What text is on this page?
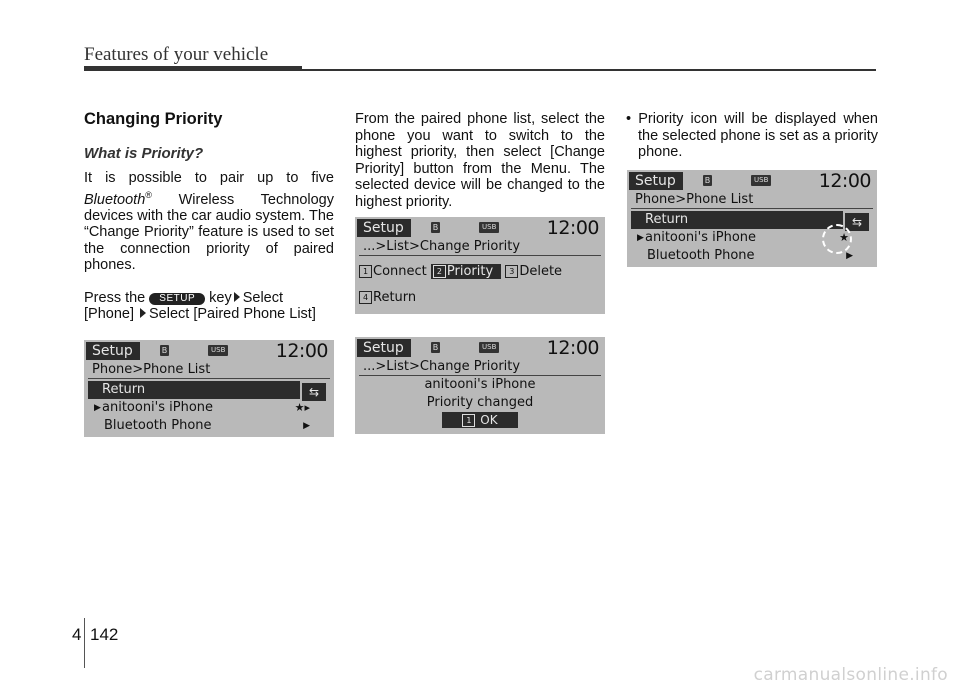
Features of your vehicle
Changing Priority
What is Priority?

It is possible to pair up to five Bluetooth® Wireless Technology devices with the car audio system. The “Change Priority” feature is used to set the connection priority of paired phones.

Press the SETUP key Select [Phone] Select [Paired Phone List]

From the paired phone list, select the phone you want to switch to the highest priority, then select [Change Priority] button from the Menu. The selected device will be changed to the highest priority.

• Priority icon will be displayed when the selected phone is set as a priority phone.

Setup	B	USB	12:00
Phone>Phone List
Return	⇆
▶ anitooni's iPhone	★▸
Bluetooth Phone	▶
Setup	B	USB	12:00
...>List>Change Priority
1 Connect 2 Priority 3 Delete
4 Return
Setup	B	USB	12:00
...>List>Change Priority
anitooni's iPhone
Priority changed
1 OK
Setup	B	USB	12:00
Phone>Phone List
Return	⇆
▶ anitooni's iPhone	★
Bluetooth Phone	▶
4 142
carmanualsonline.info
